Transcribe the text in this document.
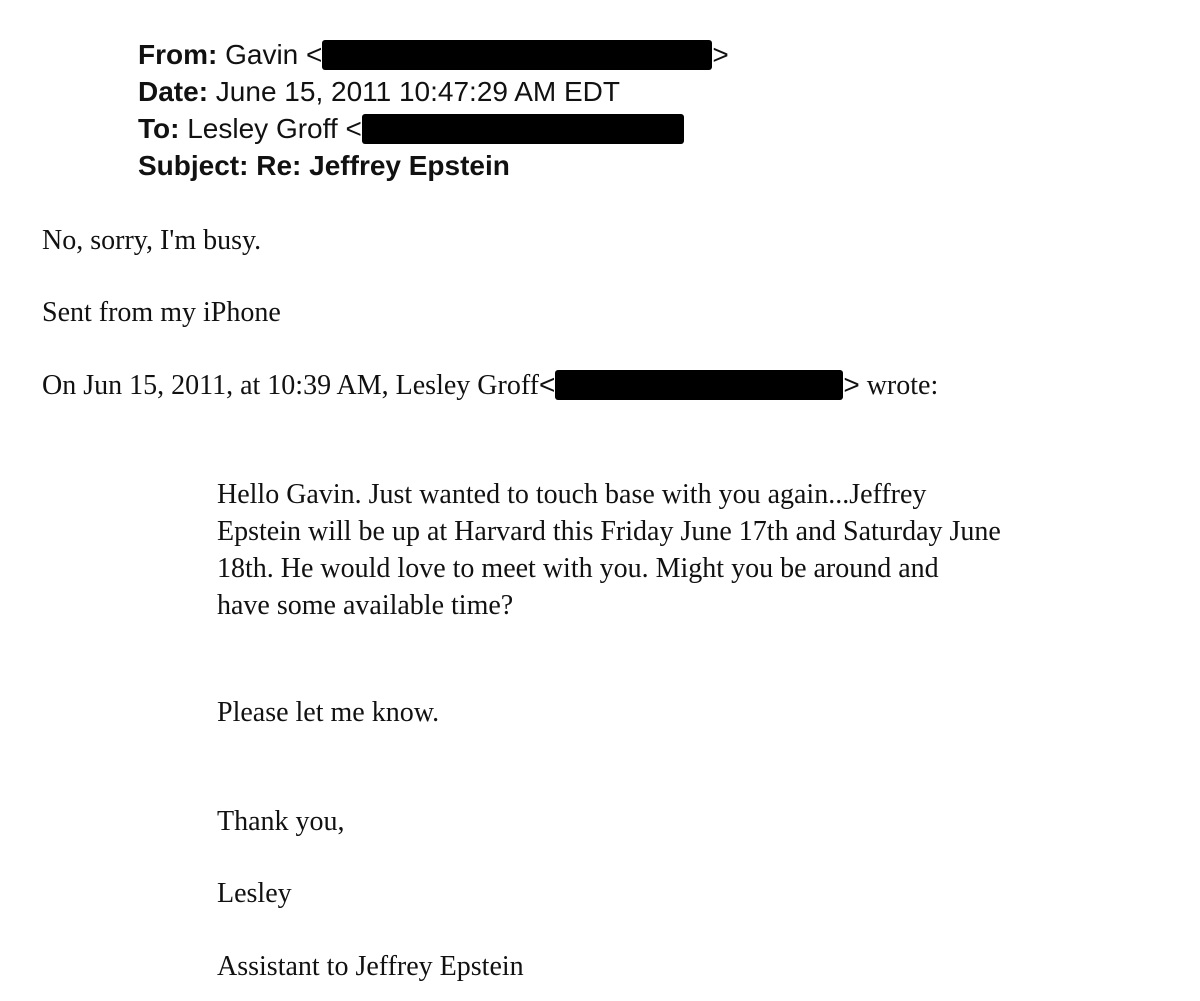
From: Gavin <	>
Date: June 15, 2011 10:47:29 AM EDT
To: Lesley Groff <
Subject: Re: Jeffrey Epstein
No, sorry, I'm busy.
Sent from my iPhone
On Jun 15, 2011, at 10:39 AM, Lesley Groff<	> wrote:
Hello Gavin. Just wanted to touch base with you again...Jeffrey
Epstein will be up at Harvard this Friday June 17th and Saturday June
18th. He would love to meet with you. Might you be around and
have some available time?
Please let me know.
Thank you,
Lesley
Assistant to Jeffrey Epstein
